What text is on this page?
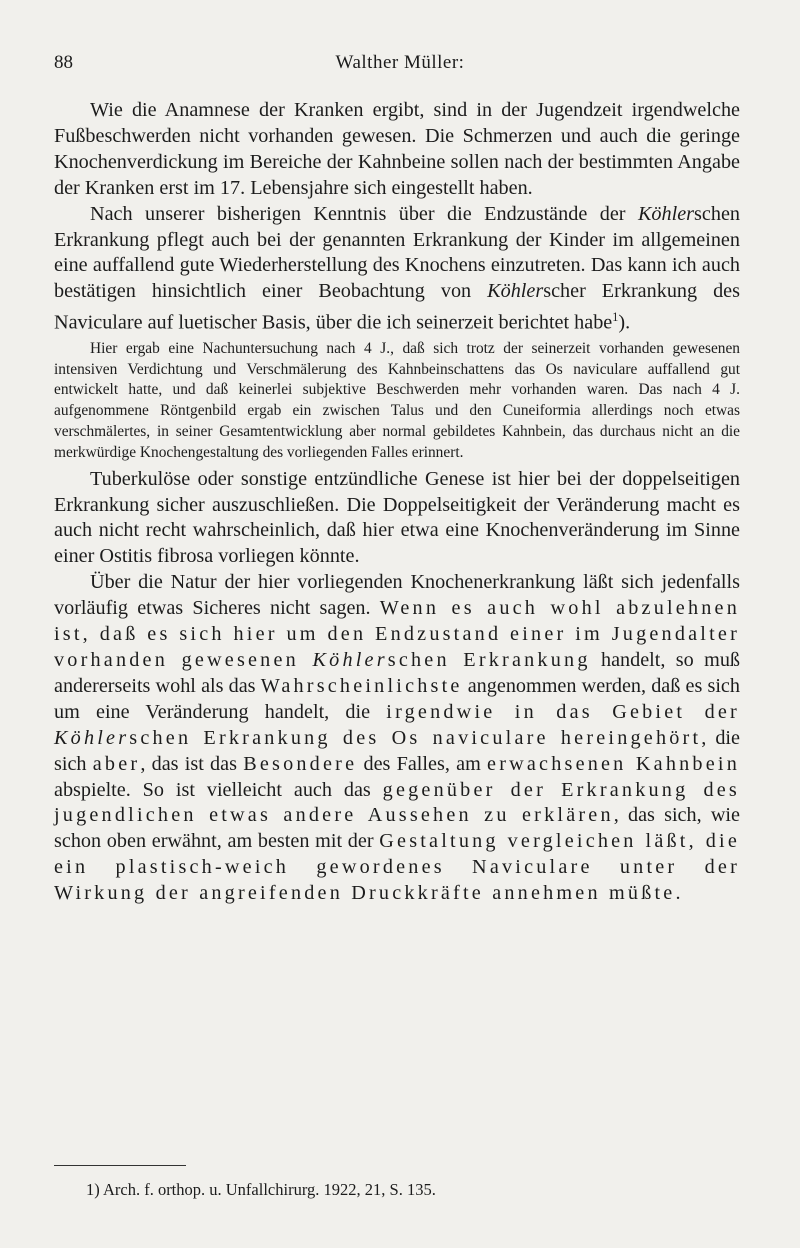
88	Walther Müller:

Wie die Anamnese der Kranken ergibt, sind in der Jugendzeit irgendwelche Fußbeschwerden nicht vorhanden gewesen. Die Schmerzen und auch die geringe Knochenverdickung im Bereiche der Kahnbeine sollen nach der bestimmten Angabe der Kranken erst im 17. Lebensjahre sich eingestellt haben.

Nach unserer bisherigen Kenntnis über die Endzustände der Köhlerschen Erkrankung pflegt auch bei der genannten Erkrankung der Kinder im allgemeinen eine auffallend gute Wiederherstellung des Knochens einzutreten. Das kann ich auch bestätigen hinsichtlich einer Beobachtung von Köhlerscher Erkrankung des Naviculare auf luetischer Basis, über die ich seinerzeit berichtet habe$^1$).

Hier ergab eine Nachuntersuchung nach 4 J., daß sich trotz der seinerzeit vorhanden gewesenen intensiven Verdichtung und Verschmälerung des Kahnbeinschattens das Os naviculare auffallend gut entwickelt hatte, und daß keinerlei subjektive Beschwerden mehr vorhanden waren. Das nach 4 J. aufgenommene Röntgenbild ergab ein zwischen Talus und den Cuneiformia allerdings noch etwas verschmälertes, in seiner Gesamtentwicklung aber normal gebildetes Kahnbein, das durchaus nicht an die merkwürdige Knochengestaltung des vorliegenden Falles erinnert.

Tuberkulöse oder sonstige entzündliche Genese ist hier bei der doppelseitigen Erkrankung sicher auszuschließen. Die Doppelseitigkeit der Veränderung macht es auch nicht recht wahrscheinlich, daß hier etwa eine Knochenveränderung im Sinne einer Ostitis fibrosa vorliegen könnte.

Über die Natur der hier vorliegenden Knochenerkrankung läßt sich jedenfalls vorläufig etwas Sicheres nicht sagen. Wenn es auch wohl abzulehnen ist, daß es sich hier um den Endzustand einer im Jugendalter vorhanden gewesenen Köhlerschen Erkrankung handelt, so muß andererseits wohl als das Wahrscheinlichste angenommen werden, daß es sich um eine Veränderung handelt, die irgendwie in das Gebiet der Köhlerschen Erkrankung des Os naviculare hereingehört, die sich aber, das ist das Besondere des Falles, am erwachsenen Kahnbein abspielte. So ist vielleicht auch das gegenüber der Erkrankung des jugendlichen etwas andere Aussehen zu erklären, das sich, wie schon oben erwähnt, am besten mit der Gestaltung vergleichen läßt, die ein plastisch-weich gewordenes Naviculare unter der Wirkung der angreifenden Druckkräfte annehmen müßte.

1) Arch. f. orthop. u. Unfallchirurg. 1922, 21, S. 135.
